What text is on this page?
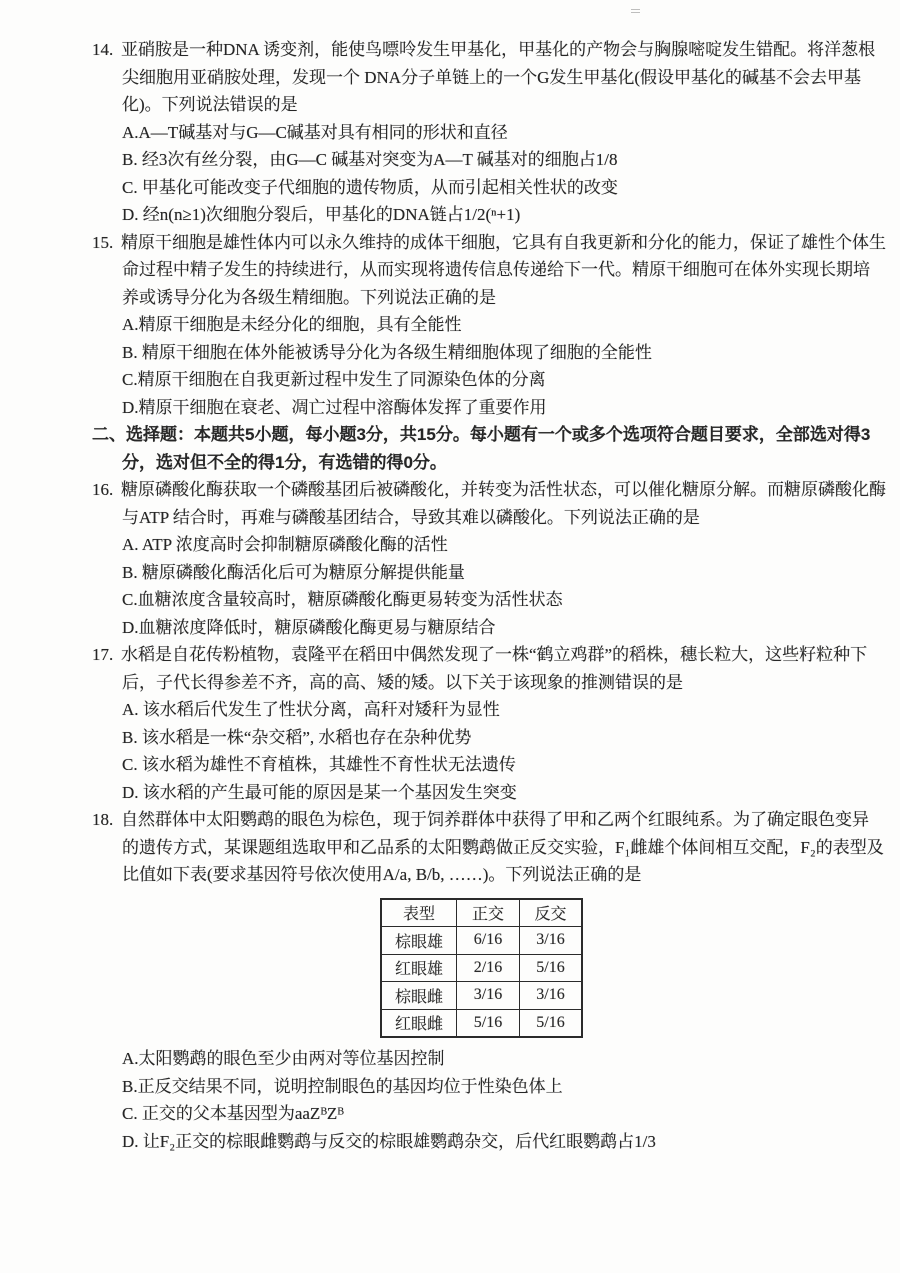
14. 亚硝胺是一种DNA 诱变剂，能使鸟嘌呤发生甲基化，甲基化的产物会与胸腺嘧啶发生错配。将洋葱根
尖细胞用亚硝胺处理，发现一个 DNA分子单链上的一个G发生甲基化(假设甲基化的碱基不会去甲基
化)。下列说法错误的是
A.A—T碱基对与G—C碱基对具有相同的形状和直径
B. 经3次有丝分裂，由G—C 碱基对突变为A—T 碱基对的细胞占1/8
C. 甲基化可能改变子代细胞的遗传物质，从而引起相关性状的改变
D. 经n(n≥1)次细胞分裂后，甲基化的DNA链占1/2(ⁿ+1)
15. 精原干细胞是雄性体内可以永久维持的成体干细胞，它具有自我更新和分化的能力，保证了雄性个体生
命过程中精子发生的持续进行，从而实现将遗传信息传递给下一代。精原干细胞可在体外实现长期培
养或诱导分化为各级生精细胞。下列说法正确的是
A.精原干细胞是未经分化的细胞，具有全能性
B. 精原干细胞在体外能被诱导分化为各级生精细胞体现了细胞的全能性
C.精原干细胞在自我更新过程中发生了同源染色体的分离
D.精原干细胞在衰老、凋亡过程中溶酶体发挥了重要作用
二、选择题：本题共5小题，每小题3分，共15分。每小题有一个或多个选项符合题目要求，全部选对得3
分，选对但不全的得1分，有选错的得0分。
16. 糖原磷酸化酶获取一个磷酸基团后被磷酸化，并转变为活性状态，可以催化糖原分解。而糖原磷酸化酶
与ATP 结合时，再难与磷酸基团结合，导致其难以磷酸化。下列说法正确的是
A. ATP 浓度高时会抑制糖原磷酸化酶的活性
B. 糖原磷酸化酶活化后可为糖原分解提供能量
C.血糖浓度含量较高时，糖原磷酸化酶更易转变为活性状态
D.血糖浓度降低时，糖原磷酸化酶更易与糖原结合
17. 水稻是自花传粉植物，袁隆平在稻田中偶然发现了一株“鹤立鸡群”的稻株，穗长粒大，这些籽粒种下
后，子代长得参差不齐，高的高、矮的矮。以下关于该现象的推测错误的是
A. 该水稻后代发生了性状分离，高秆对矮秆为显性
B. 该水稻是一株“杂交稻”, 水稻也存在杂种优势
C. 该水稻为雄性不育植株，其雄性不育性状无法遗传
D. 该水稻的产生最可能的原因是某一个基因发生突变
18. 自然群体中太阳鹦鹉的眼色为棕色，现于饲养群体中获得了甲和乙两个红眼纯系。为了确定眼色变异
的遗传方式，某课题组选取甲和乙品系的太阳鹦鹉做正反交实验，F₁雌雄个体间相互交配，F₂的表型及
比值如下表(要求基因符号依次使用A/a, B/b, ……)。下列说法正确的是
表型	正交	反交
棕眼雄	6/16	3/16
红眼雄	2/16	5/16
棕眼雌	3/16	3/16
红眼雌	5/16	5/16
A.太阳鹦鹉的眼色至少由两对等位基因控制
B.正反交结果不同，说明控制眼色的基因均位于性染色体上
C. 正交的父本基因型为aaZᴮZᴮ
D. 让F₂正交的棕眼雌鹦鹉与反交的棕眼雄鹦鹉杂交，后代红眼鹦鹉占1/3
